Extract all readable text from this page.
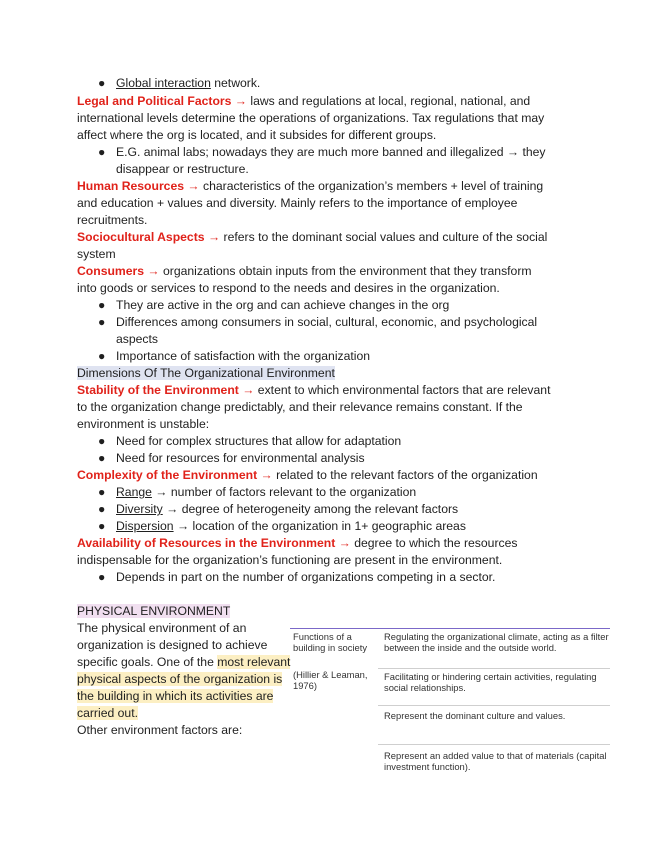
● Global interaction network.
Legal and Political Factors → laws and regulations at local, regional, national, and
international levels determine the operations of organizations. Tax regulations that may
affect where the org is located, and it subsides for different groups.
● E.G. animal labs; nowadays they are much more banned and illegalized → they
disappear or restructure.
Human Resources → characteristics of the organization’s members + level of training
and education + values and diversity. Mainly refers to the importance of employee
recruitments.
Sociocultural Aspects → refers to the dominant social values and culture of the social
system
Consumers → organizations obtain inputs from the environment that they transform
into goods or services to respond to the needs and desires in the organization.
● They are active in the org and can achieve changes in the org
● Differences among consumers in social, cultural, economic, and psychological
aspects
● Importance of satisfaction with the organization
Dimensions Of The Organizational Environment
Stability of the Environment → extent to which environmental factors that are relevant
to the organization change predictably, and their relevance remains constant. If the
environment is unstable:
● Need for complex structures that allow for adaptation
● Need for resources for environmental analysis
Complexity of the Environment → related to the relevant factors of the organization
● Range → number of factors relevant to the organization
● Diversity → degree of heterogeneity among the relevant factors
● Dispersion → location of the organization in 1+ geographic areas
Availability of Resources in the Environment → degree to which the resources
indispensable for the organization’s functioning are present in the environment.
● Depends in part on the number of organizations competing in a sector.
PHYSICAL ENVIRONMENT
The physical environment of an organization is designed to achieve specific goals. One of the most relevant physical aspects of the organization is the building in which its activities are carried out.
Other environment factors are:
Functions of a building in society
(Hillier & Leaman, 1976)
Regulating the organizational climate, acting as a filter between the inside and the outside world.
Facilitating or hindering certain activities, regulating social relationships.
Represent the dominant culture and values.
Represent an added value to that of materials (capital investment function).
